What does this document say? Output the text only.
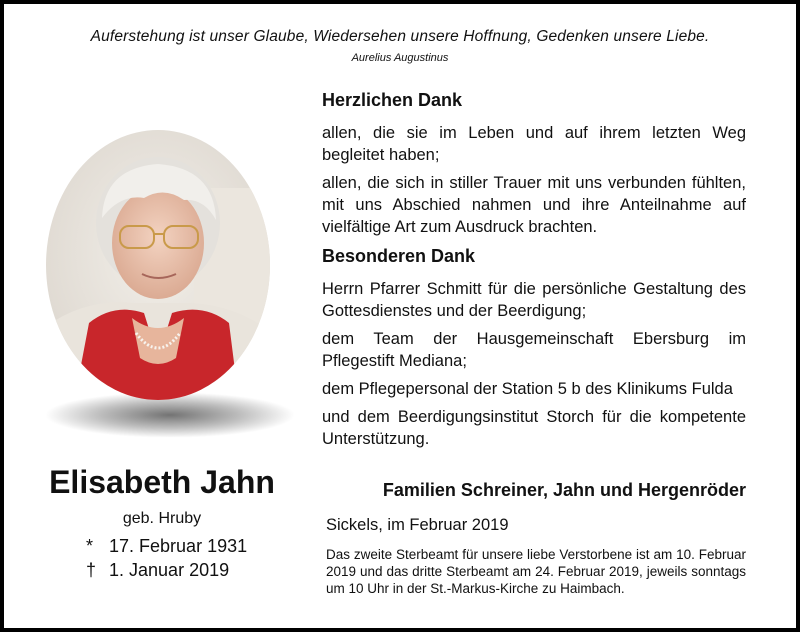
Auferstehung ist unser Glaube, Wiedersehen unsere Hoffnung, Gedenken unsere Liebe.
Aurelius Augustinus
Elisabeth Jahn
geb. Hruby
* 17. Februar 1931
† 1. Januar 2019
Herzlichen Dank
allen, die sie im Leben und auf ihrem letzten Weg begleitet haben;
allen, die sich in stiller Trauer mit uns verbunden fühlten, mit uns Abschied nahmen und ihre Anteilnahme auf vielfältige Art zum Ausdruck brachten.
Besonderen Dank
Herrn Pfarrer Schmitt für die persönliche Gestaltung des Gottesdienstes und der Beerdigung;
dem Team der Hausgemeinschaft Ebersburg im Pflegestift Mediana;
dem Pflegepersonal der Station 5 b des Klinikums Fulda
und dem Beerdigungsinstitut Storch für die kompetente Unterstützung.
Familien Schreiner, Jahn und Hergenröder
Sickels, im Februar 2019
Das zweite Sterbeamt für unsere liebe Verstorbene ist am 10. Februar 2019 und das dritte Sterbeamt am 24. Februar 2019, jeweils sonntags um 10 Uhr in der St.-Markus-Kirche zu Haimbach.
